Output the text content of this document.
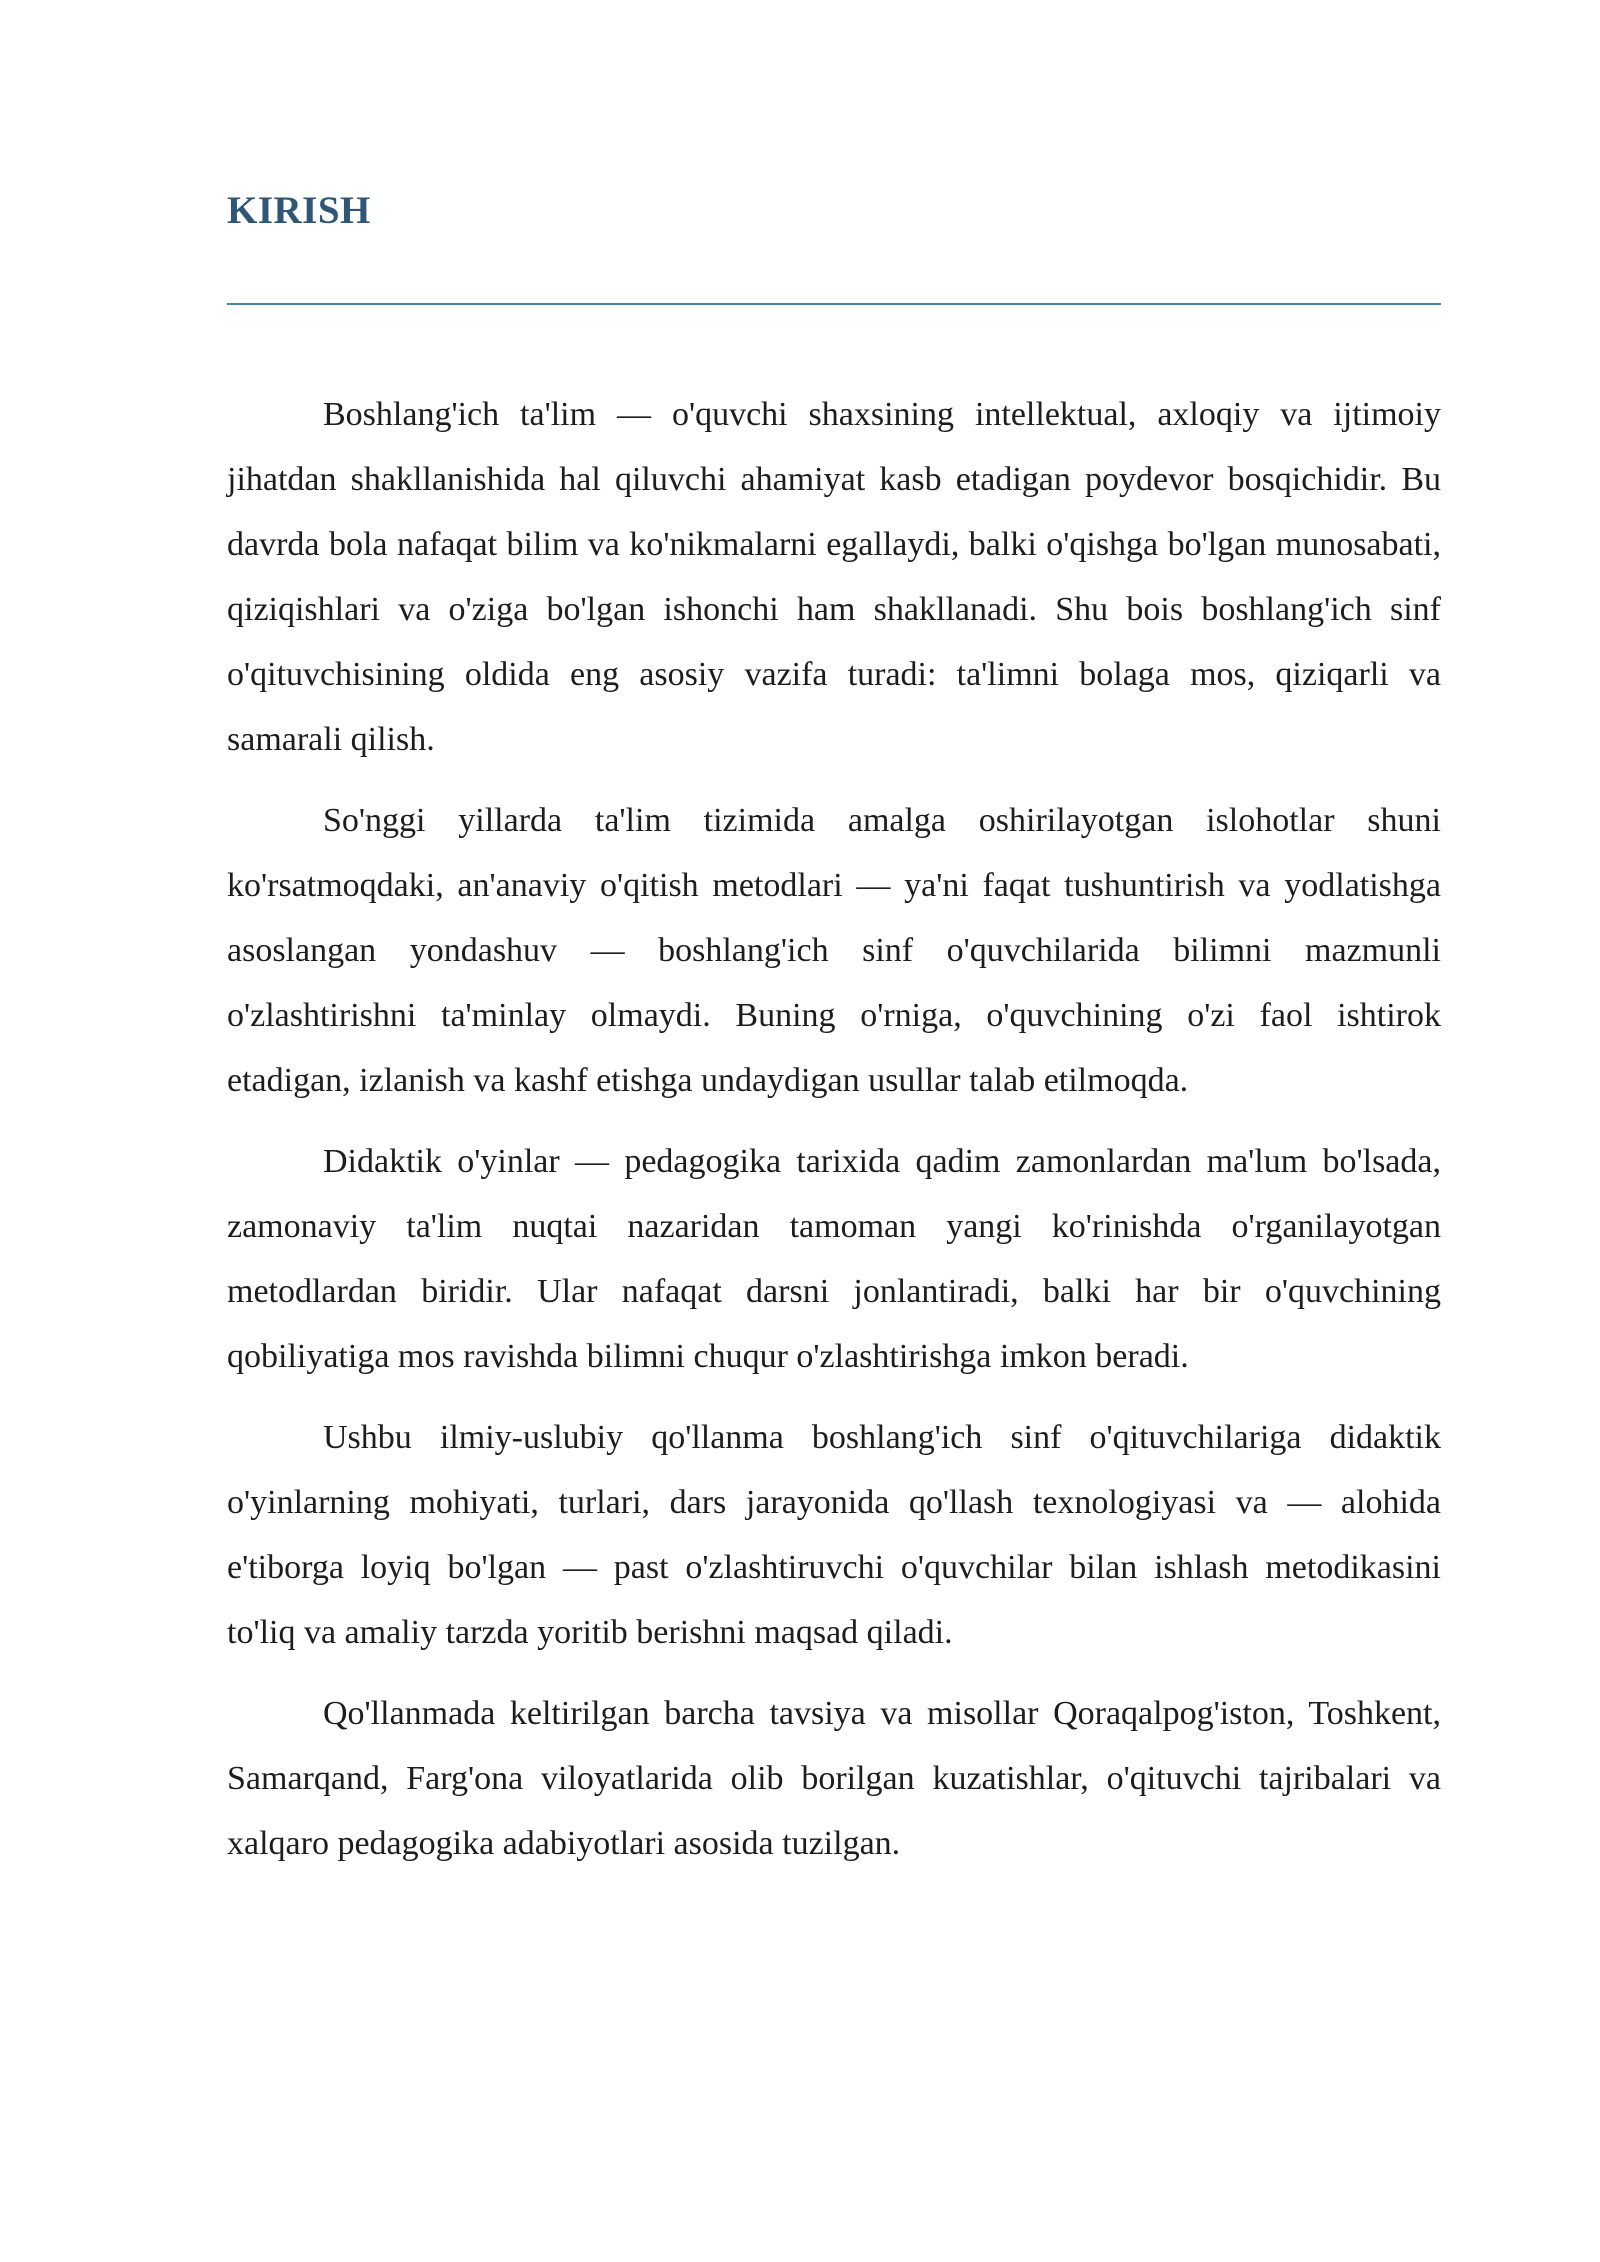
KIRISH

Boshlang'ich ta'lim — o'quvchi shaxsining intellektual, axloqiy va ijtimoiy jihatdan shakllanishida hal qiluvchi ahamiyat kasb etadigan poydevor bosqichidir. Bu davrda bola nafaqat bilim va ko'nikmalarni egallaydi, balki o'qishga bo'lgan munosabati, qiziqishlari va o'ziga bo'lgan ishonchi ham shakllanadi. Shu bois boshlang'ich sinf o'qituvchisining oldida eng asosiy vazifa turadi: ta'limni bolaga mos, qiziqarli va samarali qilish.

So'nggi yillarda ta'lim tizimida amalga oshirilayotgan islohotlar shuni ko'rsatmoqdaki, an'anaviy o'qitish metodlari — ya'ni faqat tushuntirish va yodlatishga asoslangan yondashuv — boshlang'ich sinf o'quvchilarida bilimni mazmunli o'zlashtirishni ta'minlay olmaydi. Buning o'rniga, o'quvchining o'zi faol ishtirok etadigan, izlanish va kashf etishga undaydigan usullar talab etilmoqda.

Didaktik o'yinlar — pedagogika tarixida qadim zamonlardan ma'lum bo'lsada, zamonaviy ta'lim nuqtai nazaridan tamoman yangi ko'rinishda o'rganilayotgan metodlardan biridir. Ular nafaqat darsni jonlantiradi, balki har bir o'quvchining qobiliyatiga mos ravishda bilimni chuqur o'zlashtirishga imkon beradi.

Ushbu ilmiy-uslubiy qo'llanma boshlang'ich sinf o'qituvchilariga didaktik o'yinlarning mohiyati, turlari, dars jarayonida qo'llash texnologiyasi va — alohida e'tiborga loyiq bo'lgan — past o'zlashtiruvchi o'quvchilar bilan ishlash metodikasini to'liq va amaliy tarzda yoritib berishni maqsad qiladi.

Qo'llanmada keltirilgan barcha tavsiya va misollar Qoraqalpog'iston, Toshkent, Samarqand, Farg'ona viloyatlarida olib borilgan kuzatishlar, o'qituvchi tajribalari va xalqaro pedagogika adabiyotlari asosida tuzilgan.
